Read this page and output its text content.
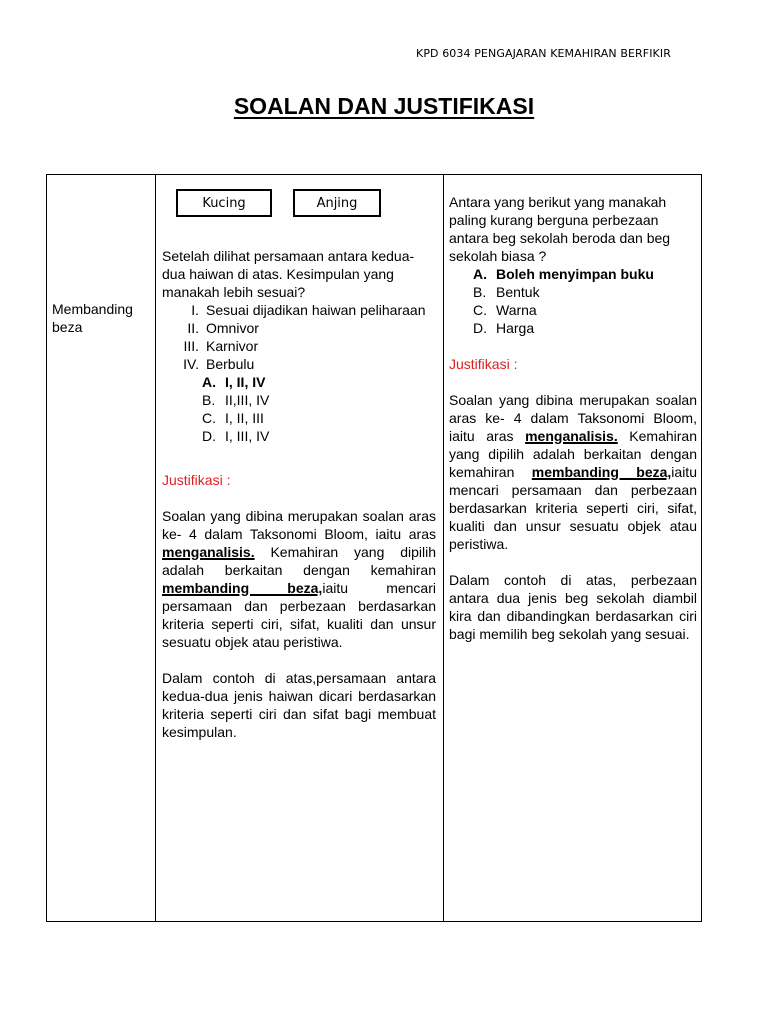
KPD 6034 PENGAJARAN KEMAHIRAN BERFIKIR
SOALAN DAN JUSTIFIKASI
Membanding beza
Kucing	Anjing
Setelah dilihat persamaan antara kedua-dua haiwan di atas. Kesimpulan yang manakah lebih sesuai?
I. Sesuai dijadikan haiwan peliharaan
II. Omnivor
III. Karnivor
IV. Berbulu
A. I, II, IV
B. II,III, IV
C. I, II, III
D. I, III, IV
Justifikasi :
Soalan yang dibina merupakan soalan aras ke- 4 dalam Taksonomi Bloom, iaitu aras menganalisis. Kemahiran yang dipilih adalah berkaitan dengan kemahiran membanding beza,iaitu mencari persamaan dan perbezaan berdasarkan kriteria seperti ciri, sifat, kualiti dan unsur sesuatu objek atau peristiwa.
Dalam contoh di atas,persamaan antara kedua-dua jenis haiwan dicari berdasarkan kriteria seperti ciri dan sifat bagi membuat kesimpulan.
Antara yang berikut yang manakah paling kurang berguna perbezaan antara beg sekolah beroda dan beg sekolah biasa ?
A. Boleh menyimpan buku
B. Bentuk
C. Warna
D. Harga
Justifikasi :
Soalan yang dibina merupakan soalan aras ke- 4 dalam Taksonomi Bloom, iaitu aras menganalisis. Kemahiran yang dipilih adalah berkaitan dengan kemahiran membanding beza,iaitu mencari persamaan dan perbezaan berdasarkan kriteria seperti ciri, sifat, kualiti dan unsur sesuatu objek atau peristiwa.
Dalam contoh di atas, perbezaan antara dua jenis beg sekolah diambil kira dan dibandingkan berdasarkan ciri bagi memilih beg sekolah yang sesuai.
